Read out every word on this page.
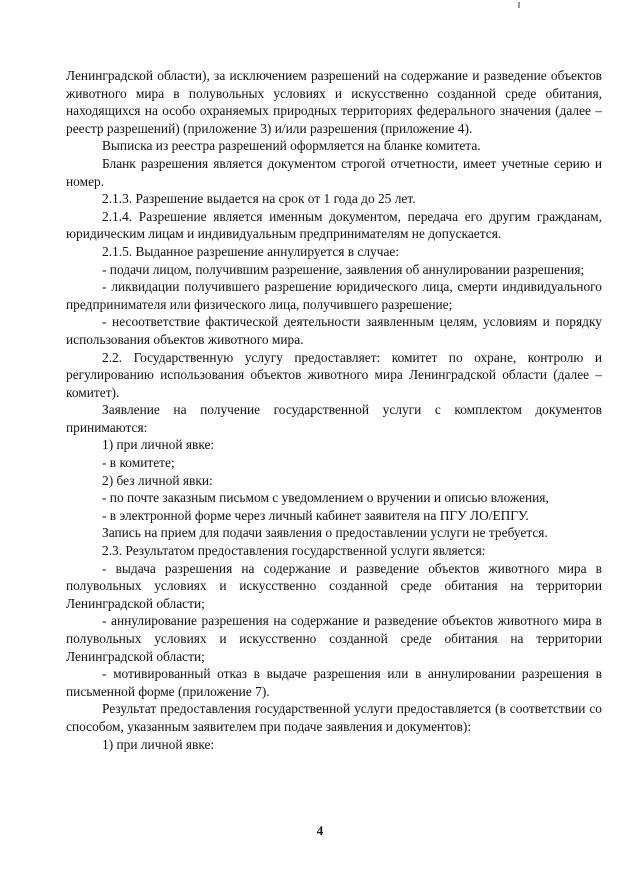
Ленинградской области), за исключением разрешений на содержание и разведение объектов животного мира в полувольных условиях и искусственно созданной среде обитания, находящихся на особо охраняемых природных территориях федерального значения (далее – реестр разрешений) (приложение 3) и/или разрешения (приложение 4).

Выписка из реестра разрешений оформляется на бланке комитета.

Бланк разрешения является документом строгой отчетности, имеет учетные серию и номер.

2.1.3. Разрешение выдается на срок от 1 года до 25 лет.

2.1.4. Разрешение является именным документом, передача его другим гражданам, юридическим лицам и индивидуальным предпринимателям не допускается.

2.1.5. Выданное разрешение аннулируется в случае:

- подачи лицом, получившим разрешение, заявления об аннулировании разрешения;

- ликвидации получившего разрешение юридического лица, смерти индивидуального предпринимателя или физического лица, получившего разрешение;

- несоответствие фактической деятельности заявленным целям, условиям и порядку использования объектов животного мира.

2.2. Государственную услугу предоставляет: комитет по охране, контролю и регулированию использования объектов животного мира Ленинградской области (далее – комитет).

Заявление на получение государственной услуги с комплектом документов принимаются:

1) при личной явке:

- в комитете;

2) без личной явки:

- по почте заказным письмом с уведомлением о вручении и описью вложения,

- в электронной форме через личный кабинет заявителя на ПГУ ЛО/ЕПГУ.

Запись на прием для подачи заявления о предоставлении услуги не требуется.

2.3. Результатом предоставления государственной услуги является:

- выдача разрешения на содержание и разведение объектов животного мира в полувольных условиях и искусственно созданной среде обитания на территории Ленинградской области;

- аннулирование разрешения на содержание и разведение объектов животного мира в полувольных условиях и искусственно созданной среде обитания на территории Ленинградской области;

- мотивированный отказ в выдаче разрешения или в аннулировании разрешения в письменной форме (приложение 7).

Результат предоставления государственной услуги предоставляется (в соответствии со способом, указанным заявителем при подаче заявления и документов):

1) при личной явке:

4
